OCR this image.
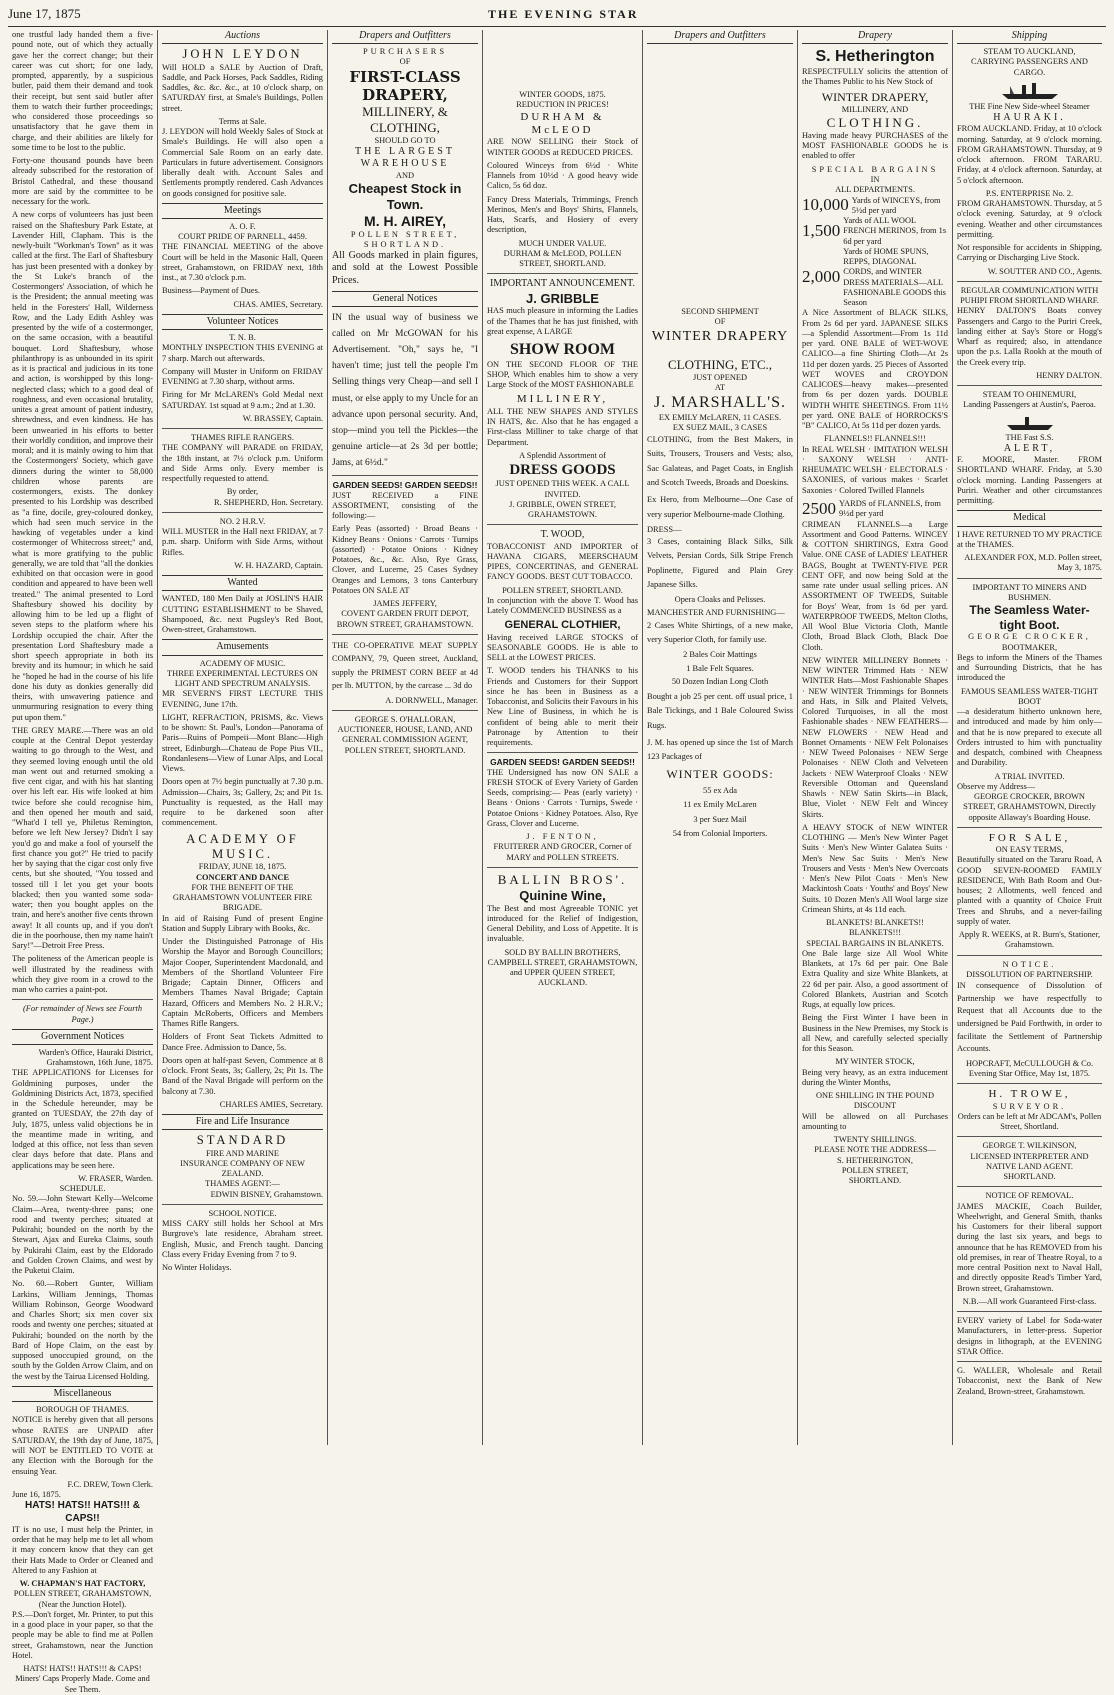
June 17, 1875	THE EVENING STAR

one trustful lady handed them a five-pound note, out of which they actually gave her the correct change; but their career was cut short; for one lady, prompted, apparently, by a suspicious butler, paid them their demand and took their receipt, but sent said butler after them to watch their further proceedings; who considered those proceedings so unsatisfactory that he gave them in charge, and their abilities are likely for some time to be lost to the public.

Forty-one thousand pounds have been already subscribed for the restoration of Bristol Cathedral, and these thousand more are said by the committee to be necessary for the work.

A new corps of volunteers has just been raised on the Shaftesbury Park Estate, at Lavender Hill, Clapham. This is the newly-built "Workman's Town" as it was called at the first. The Earl of Shaftesbury has just been presented with a donkey by the St Luke's branch of the Costermongers' Association, of which he is the President; the annual meeting was held in the Foresters' Hall, Wilderness Row, and the Lady Edith Ashley was presented by the wife of a costermonger, on the same occasion, with a beautiful bouquet. Lord Shaftesbury, whose philanthropy is as unbounded in its spirit as it is practical and judicious in its tone and action, is worshipped by this long-neglected class; which to a good deal of roughness, and even occasional brutality, unites a great amount of patient industry, shrewdness, and even kindness. He has been unwearied in his efforts to better their worldly condition, and improve their moral; and it is mainly owing to him that the Costermongers' Society, which gave dinners during the winter to 58,000 children whose parents are costermongers, exists. The donkey presented to his Lordship was described as "a fine, docile, grey-coloured donkey, which had seen much service in the hawking of vegetables under a kind costermonger of Whitecross street;" and, what is more gratifying to the public generally, we are told that "all the donkies exhibited on that occasion were in good condition and appeared to have been well treated." The animal presented to Lord Shaftesbury showed his docility by allowing him to be led up a flight of seven steps to the platform where his Lordship occupied the chair. After the presentation Lord Shaftesbury made a short speech appropriate in both its brevity and its humour; in which he said he "hoped he had in the course of his life done his duty as donkies generally did theirs, with unwavering patience and unmurmuring resignation to every thing put upon them."

THE GREY MARE.—There was an old couple at the Central Depot yesterday waiting to go through to the West, and they seemed loving enough until the old man went out and returned smoking a five cent cigar, and with his hat slanting over his left ear. His wife looked at him twice before she could recognise him, and then opened her mouth and said, "What'd I tell ye, Philetus Remington, before we left New Jersey? Didn't I say you'd go and make a fool of yourself the first chance you got?" He tried to pacify her by saying that the cigar cost only five cents, but she shouted, "You tossed and tossed till I let you get your boots blacked; then you wanted some soda-water; then you bought apples on the train, and here's another five cents thrown away! It all counts up, and if you don't die in the poorhouse, then my name hain't Sary!"—Detroit Free Press.

The politeness of the American people is well illustrated by the readiness with which they give room in a crowd to the man who carries a paint-pot.

(For remainder of News see Fourth Page.)
Government Notices
Warden's Office, Hauraki District, Grahamstown, 16th June, 1875.

THE APPLICATIONS for Licenses for Goldmining purposes, under the Goldmining Districts Act, 1873, specified in the Schedule hereunder, may be granted on TUESDAY, the 27th day of July, 1875, unless valid objections be in the meantime made in writing, and lodged at this office, not less than seven clear days before that date. Plans and applications may be seen here.

W. FRASER, Warden.
SCHEDULE.

No. 59.—John Stewart Kelly—Welcome Claim—Area, twenty-three pans; one rood and twenty perches; situated at Pukirahi; bounded on the north by the Stewart, Ajax and Eureka Claims, south by Pukirahi Claim, east by the Eldorado and Golden Crown Claims, and west by the Puketui Claim.

No. 60.—Robert Gunter, William Larkins, William Jennings, Thomas William Robinson, George Woodward and Charles Short; six men cover six roods and twenty one perches; situated at Pukirahi; bounded on the north by the Bard of Hope Claim, on the east by supposed unoccupied ground, on the south by the Golden Arrow Claim, and on the west by the Tairua Licensed Holding.

Miscellaneous
BOROUGH OF THAMES.

NOTICE is hereby given that all persons whose RATES are UNPAID after SATURDAY, the 19th day of June, 1875, will NOT be ENTITLED TO VOTE at any Election with the Borough for the ensuing Year.

F.C. DREW, Town Clerk.
June 16, 1875.
HATS! HATS!! HATS!!! & CAPS!!

IT is no use, I must help the Printer, in order that he may help me to let all whom it may concern know that they can get their Hats Made to Order or Cleaned and Altered to any Fashion at

W. CHAPMAN'S HAT FACTORY,
POLLEN STREET, GRAHAMSTOWN, (Near the Junction Hotel).

P.S.—Don't forget, Mr. Printer, to put this in a good place in your paper, so that the people may be able to find me at Pollen street, Grahamstown, near the Junction Hotel.

HATS! HATS!! HATS!!! & CAPS! Miners' Caps Properly Made. Come and See Them.
Auctions
JOHN LEYDON

Will HOLD a SALE by Auction of Draft, Saddle, and Pack Horses, Pack Saddles, Riding Saddles, &c. &c. &c., at 10 o'clock sharp, on SATURDAY first, at Smale's Buildings, Pollen street.

Terms at Sale.

J. LEYDON will hold Weekly Sales of Stock at Smale's Buildings. He will also open a Commercial Sale Room on an early date. Particulars in future advertisement. Consignors liberally dealt with. Account Sales and Settlements promptly rendered. Cash Advances on goods consigned for positive sale.

Meetings
A. O. F.
COURT PRIDE OF PARNELL, 4459.

THE FINANCIAL MEETING of the above Court will be held in the Masonic Hall, Queen street, Grahamstown, on FRIDAY next, 18th inst., at 7.30 o'clock p.m.

Business—Payment of Dues.

CHAS. AMIES, Secretary.
Volunteer Notices
T. N. B.

MONTHLY INSPECTION THIS EVENING at 7 sharp. March out afterwards.

Company will Muster in Uniform on FRIDAY EVENING at 7.30 sharp, without arms.

Firing for Mr McLAREN's Gold Medal next SATURDAY. 1st squad at 9 a.m.; 2nd at 1.30.

W. BRASSEY, Captain.
THAMES RIFLE RANGERS.

THE COMPANY will PARADE on FRIDAY, the 18th instant, at 7½ o'clock p.m. Uniform and Side Arms only. Every member is respectfully requested to attend.

By order,
R. SHEPHERD, Hon. Secretary.
NO. 2 H.R.V.

WILL MUSTER in the Hall next FRIDAY, at 7 p.m. sharp. Uniform with Side Arms, without Rifles.

W. H. HAZARD, Captain.
Wanted

WANTED, 180 Men Daily at JOSLIN'S HAIR CUTTING ESTABLISHMENT to be Shaved, Shampooed, &c. next Pugsley's Red Boot, Owen-street, Grahamstown.

Amusements
ACADEMY OF MUSIC.
THREE EXPERIMENTAL LECTURES ON LIGHT AND SPECTRUM ANALYSIS.

MR SEVERN'S FIRST LECTURE THIS EVENING, June 17th.

LIGHT, REFRACTION, PRISMS, &c. Views to be shown: St. Paul's, London—Panorama of Paris—Ruins of Pompeii—Mont Blanc—High street, Edinburgh—Chateau de Pope Pius VII., Rondanlesens—View of Lunar Alps, and Local Views.

Doors open at 7½ begin punctually at 7.30 p.m. Admission—Chairs, 3s; Gallery, 2s; and Pit 1s. Punctuality is requested, as the Hall may require to be darkened soon after commencement.

ACADEMY OF MUSIC.
FRIDAY, JUNE 18, 1875.
CONCERT AND DANCE
FOR THE BENEFIT OF THE GRAHAMSTOWN VOLUNTEER FIRE BRIGADE.

In aid of Raising Fund of present Engine Station and Supply Library with Books, &c.

Under the Distinguished Patronage of His Worship the Mayor and Borough Councillors; Major Cooper, Superintendent Macdonald, and Members of the Shortland Volunteer Fire Brigade; Captain Dinner, Officers and Members Thames Naval Brigade; Captain Hazard, Officers and Members No. 2 H.R.V.; Captain McRoberts, Officers and Members Thames Rifle Rangers.

Holders of Front Seat Tickets Admitted to Dance Free. Admission to Dance, 5s.

Doors open at half-past Seven, Commence at 8 o'clock. Front Seats, 3s; Gallery, 2s; Pit 1s. The Band of the Naval Brigade will perform on the balcony at 7.30.

CHARLES AMIES, Secretary.
Fire and Life Insurance
STANDARD
FIRE AND MARINE
INSURANCE COMPANY OF NEW ZEALAND.
THAMES AGENT:—
EDWIN BISNEY, Grahamstown.
SCHOOL NOTICE.

MISS CARY still holds her School at Mrs Burgrove's late residence, Abraham street. English, Music, and French taught. Dancing Class every Friday Evening from 7 to 9.

No Winter Holidays.

Drapers and Outfitters
PURCHASERS
OF
FIRST-CLASS DRAPERY,
MILLINERY, & CLOTHING,
SHOULD GO TO
THE LARGEST WAREHOUSE
AND
Cheapest Stock in Town.
M. H. AIREY,
POLLEN STREET, SHORTLAND.

All Goods marked in plain figures, and sold at the Lowest Possible Prices.

General Notices

IN the usual way of business we called on Mr McGOWAN for his Advertisement. "Oh," says he, "I haven't time; just tell the people I'm Selling things very Cheap—and sell I must, or else apply to my Uncle for an advance upon personal security. And, stop—mind you tell the Pickles—the genuine article—at 2s 3d per bottle; Jams, at 6½d."

GARDEN SEEDS! GARDEN SEEDS!!

JUST RECEIVED a FINE ASSORTMENT, consisting of the following:—

Early Peas (assorted) · Broad Beans · Kidney Beans · Onions · Carrots · Turnips (assorted) · Potatoe Onions · Kidney Potatoes, &c., &c. Also, Rye Grass, Clover, and Lucerne, 25 Cases Sydney Oranges and Lemons, 3 tons Canterbury Potatoes ON SALE AT

JAMES JEFFERY,
COVENT GARDEN FRUIT DEPOT,
BROWN STREET, GRAHAMSTOWN.

THE CO-OPERATIVE MEAT SUPPLY COMPANY, 79, Queen street, Auckland, supply the PRIMEST CORN BEEF at 4d per lb. MUTTON, by the carcase ... 3d do

A. DORNWELL, Manager.
GEORGE S. O'HALLORAN,
AUCTIONEER, HOUSE, LAND, AND GENERAL COMMISSION AGENT,
POLLEN STREET, SHORTLAND.
WINTER GOODS, 1875.
REDUCTION IN PRICES!
DURHAM & McLEOD

ARE NOW SELLING their Stock of WINTER GOODS at REDUCED PRICES.

Coloured Winceys from 6½d · White Flannels from 10½d · A good heavy wide Calico, 5s 6d doz.

Fancy Dress Materials, Trimmings, French Merinos, Men's and Boys' Shirts, Flannels, Hats, Scarfs, and Hosiery of every description,

MUCH UNDER VALUE.
DURHAM & McLEOD, POLLEN STREET, SHORTLAND.
IMPORTANT ANNOUNCEMENT.
J. GRIBBLE

HAS much pleasure in informing the Ladies of the Thames that he has just finished, with great expense, A LARGE

SHOW ROOM

ON THE SECOND FLOOR OF THE SHOP, Which enables him to show a very Large Stock of the MOST FASHIONABLE

MILLINERY,

ALL THE NEW SHAPES AND STYLES IN HATS, &c. Also that he has engaged a First-class Milliner to take charge of that Department.

A Splendid Assortment of
DRESS GOODS
JUST OPENED THIS WEEK. A CALL INVITED.
J. GRIBBLE, OWEN STREET, GRAHAMSTOWN.
T. WOOD,

TOBACCONIST AND IMPORTER of HAVANA CIGARS, MEERSCHAUM PIPES, CONCERTINAS, and GENERAL FANCY GOODS. BEST CUT TOBACCO.

POLLEN STREET, SHORTLAND.

In conjunction with the above T. Wood has Lately COMMENCED BUSINESS as a

GENERAL CLOTHIER,

Having received LARGE STOCKS of SEASONABLE GOODS. He is able to SELL at the LOWEST PRICES.

T. WOOD tenders his THANKS to his Friends and Customers for their Support since he has been in Business as a Tobacconist, and Solicits their Favours in his New Line of Business, in which he is confident of being able to merit their Patronage by Attention to their requirements.

GARDEN SEEDS! GARDEN SEEDS!!

THE Undersigned has now ON SALE a FRESH STOCK of Every Variety of Garden Seeds, comprising:— Peas (early variety) · Beans · Onions · Carrots · Turnips, Swede · Potatoe Onions · Kidney Potatoes. Also, Rye Grass, Clover and Lucerne.

J. FENTON,
FRUITERER AND GROCER, Corner of MARY and POLLEN STREETS.
BALLIN BROS'.
Quinine Wine,

The Best and most Agreeable TONIC yet introduced for the Relief of Indigestion, General Debility, and Loss of Appetite. It is invaluable.

SOLD BY BALLIN BROTHERS, CAMPBELL STREET, GRAHAMSTOWN, and UPPER QUEEN STREET, AUCKLAND.
Drapers and Outfitters
SECOND SHIPMENT
OF
WINTER DRAPERY
CLOTHING, ETC.,
JUST OPENED
AT
J. MARSHALL'S.
EX EMILY McLAREN, 11 CASES.
EX SUEZ MAIL, 3 CASES

CLOTHING, from the Best Makers, in Suits, Trousers, Trousers and Vests; also, Sac Galateas, and Paget Coats, in English and Scotch Tweeds, Broads and Doeskins.

Ex Hero, from Melbourne—One Case of very superior Melbourne-made Clothing.

DRESS—

3 Cases, containing Black Silks, Silk Velvets, Persian Cords, Silk Stripe French Poplinette, Figured and Plain Grey Japanese Silks.

Opera Cloaks and Pelisses.

MANCHESTER AND FURNISHING—

2 Cases White Shirtings, of a new make, very Superior Cloth, for family use.

2 Bales Coir Mattings

1 Bale Felt Squares.

50 Dozen Indian Long Cloth

Bought a job 25 per cent. off usual price, 1 Bale Tickings, and 1 Bale Coloured Swiss Rugs.

J. M. has opened up since the 1st of March 123 Packages of

WINTER GOODS:
55 ex Ada
11 ex Emily McLaren
3 per Suez Mail
54 from Colonial Importers.
Drapery
S. Hetherington

RESPECTFULLY solicits the attention of the Thames Public to his New Stock of

WINTER DRAPERY,
MILLINERY, AND
CLOTHING.

Having made heavy PURCHASES of the MOST FASHIONABLE GOODS he is enabled to offer

SPECIAL BARGAINS
IN
ALL DEPARTMENTS.
10,000 Yards of WINCEYS, from 5½d per yard
1,500
Yards of ALL WOOL FRENCH MERINOS, from 1s 6d per yard
2,000
Yards of HOME SPUNS, REPPS, DIAGONAL CORDS, and WINTER DRESS MATERIALS—ALL FASHIONABLE GOODS this Season

A Nice Assortment of BLACK SILKS, From 2s 6d per yard. JAPANESE SILKS—a Splendid Assortment—From 1s 11d per yard. ONE BALE of WET-WOVE CALICO—a fine Shirting Cloth—At 2s 11d per dozen yards. 25 Pieces of Assorted WET WOVES and CROYDON CALICOES—heavy makes—presented from 6s per dozen yards. DOUBLE WIDTH WHITE SHEETINGS. From 11½ per yard. ONE BALE of HORROCKS'S "B" CALICO, At 5s 11d per dozen yards.

FLANNELS!! FLANNELS!!!

In REAL WELSH · IMITATION WELSH · SAXONY WELSH · ANTI-RHEUMATIC WELSH · ELECTORALS · SAXONIES, of various makes · Scarlet Saxonies · Colored Twilled Flannels

2500 YARDS of FLANNELS, from 9½d per yard

CRIMEAN FLANNELS—a Large Assortment and Good Patterns. WINCEY & COTTON SHIRTINGS, Extra Good Value. ONE CASE of LADIES' LEATHER BAGS, Bought at TWENTY-FIVE PER CENT OFF, and now being Sold at the same rate under usual selling prices. AN ASSORTMENT OF TWEEDS, Suitable for Boys' Wear, from 1s 6d per yard. WATERPROOF TWEEDS, Melton Cloths, All Wool Blue Victoria Cloth, Mantle Cloth, Broad Black Cloth, Black Doe Cloth.

NEW WINTER MILLINERY Bonnets · NEW WINTER Trimmed Hats · NEW WINTER Hats—Most Fashionable Shapes · NEW WINTER Trimmings for Bonnets and Hats, in Silk and Plaited Velvets, Colored Turquoises, in all the most Fashionable shades · NEW FEATHERS—NEW FLOWERS · NEW Head and Bonnet Ornaments · NEW Felt Polonaises · NEW Tweed Polonaises · NEW Serge Polonaises · NEW Cloth and Velveteen Jackets · NEW Waterproof Cloaks · NEW Reversible Ottoman and Queensland Shawls · NEW Satin Skirts—in Black, Blue, Violet · NEW Felt and Wincey Skirts.

A HEAVY STOCK of NEW WINTER CLOTHING — Men's New Winter Paget Suits · Men's New Winter Galatea Suits · Men's New Sac Suits · Men's New Trousers and Vests · Men's New Overcoats · Men's New Pilot Coats · Men's New Mackintosh Coats · Youths' and Boys' New Suits. 10 Dozen Men's All Wool large size Crimean Shirts, at 4s 11d each.

BLANKETS! BLANKETS!! BLANKETS!!!
SPECIAL BARGAINS IN BLANKETS.

One Bale large size All Wool White Blankets, at 17s 6d per pair. One Bale Extra Quality and size White Blankets, at 22 6d per pair. Also, a good assortment of Colored Blankets, Austrian and Scotch Rugs, at equally low prices.

Being the First Winter I have been in Business in the New Premises, my Stock is all New, and carefully selected specially for this Season.

MY WINTER STOCK,

Being very heavy, as an extra inducement during the Winter Months,

ONE SHILLING IN THE POUND DISCOUNT

Will be allowed on all Purchases amounting to

TWENTY SHILLINGS.
PLEASE NOTE THE ADDRESS—
S. HETHERINGTON,
POLLEN STREET,
SHORTLAND.
Shipping
STEAM TO AUCKLAND,
CARRYING PASSENGERS AND CARGO.
THE Fine New Side-wheel Steamer
HAURAKI.

FROM AUCKLAND. Friday, at 10 o'clock morning. Saturday, at 9 o'clock morning. FROM GRAHAMSTOWN. Thursday, at 9 o'clock afternoon. FROM TARARU. Friday, at 4 o'clock afternoon. Saturday, at 5 o'clock afternoon.

P.S. ENTERPRISE No. 2.

FROM GRAHAMSTOWN. Thursday, at 5 o'clock evening. Saturday, at 9 o'clock evening. Weather and other circumstances permitting.

Not responsible for accidents in Shipping, Carrying or Discharging Live Stock.

W. SOUTTER AND CO., Agents.
REGULAR COMMUNICATION WITH PUHIPI FROM SHORTLAND WHARF.

HENRY DALTON'S Boats convey Passengers and Cargo to the Puriri Creek, landing either at Say's Store or Hogg's Wharf as required; also, in attendance upon the p.s. Lalla Rookh at the mouth of the Creek every trip.

HENRY DALTON.
STEAM TO OHINEMURI,
Landing Passengers at Austin's, Paeroa.
THE Fast S.S.
ALERT,

F. MOORE, Master. FROM SHORTLAND WHARF. Friday, at 5.30 o'clock morning. Landing Passengers at Puriri. Weather and other circumstances permitting.

Medical

I HAVE RETURNED TO MY PRACTICE at the THAMES.

ALEXANDER FOX, M.D. Pollen street, May 3, 1875.
IMPORTANT TO MINERS AND BUSHMEN.
The Seamless Water-tight Boot.
GEORGE CROCKER,
BOOTMAKER,

Begs to inform the Miners of the Thames and Surrounding Districts, that he has introduced the

FAMOUS SEAMLESS WATER-TIGHT BOOT

—a desideratum hitherto unknown here, and introduced and made by him only—and that he is now prepared to execute all Orders intrusted to him with punctuality and despatch, combined with Cheapness and Durability.

A TRIAL INVITED.
Observe my Address—
GEORGE CROCKER, BROWN STREET, GRAHAMSTOWN, Directly opposite Allaway's Boarding House.
FOR SALE,
ON EASY TERMS,

Beautifully situated on the Tararu Road, A GOOD SEVEN-ROOMED FAMILY RESIDENCE, With Bath Room and Out-houses; 2 Allotments, well fenced and planted with a quantity of Choice Fruit Trees and Shrubs, and a never-failing supply of water.

Apply R. WEEKS, at R. Burn's, Stationer, Grahamstown.
NOTICE.
DISSOLUTION OF PARTNERSHIP.

IN consequence of Dissolution of Partnership we have respectfully to Request that all Accounts due to the undersigned be Paid Forthwith, in order to facilitate the Settlement of Partnership Accounts.

HOPCRAFT, McCULLOUGH & Co. Evening Star Office, May 1st, 1875.
H. TROWE,
SURVEYOR.
Orders can be left at Mr ADCAM's, Pollen Street, Shortland.
GEORGE T. WILKINSON,
LICENSED INTERPRETER AND NATIVE LAND AGENT.
SHORTLAND.
NOTICE OF REMOVAL.

JAMES MACKIE, Coach Builder, Wheelwright, and General Smith, thanks his Customers for their liberal support during the last six years, and begs to announce that he has REMOVED from his old premises, in rear of Theatre Royal, to a more central Position next to Naval Hall, and directly opposite Read's Timber Yard, Brown street, Grahamstown.

N.B.—All work Guaranteed First-class.

EVERY variety of Label for Soda-water Manufacturers, in letter-press. Superior designs in lithograph, at the EVENING STAR Office.

G. WALLER, Wholesale and Retail Tobacconist, next the Bank of New Zealand, Brown-street, Grahamstown.
